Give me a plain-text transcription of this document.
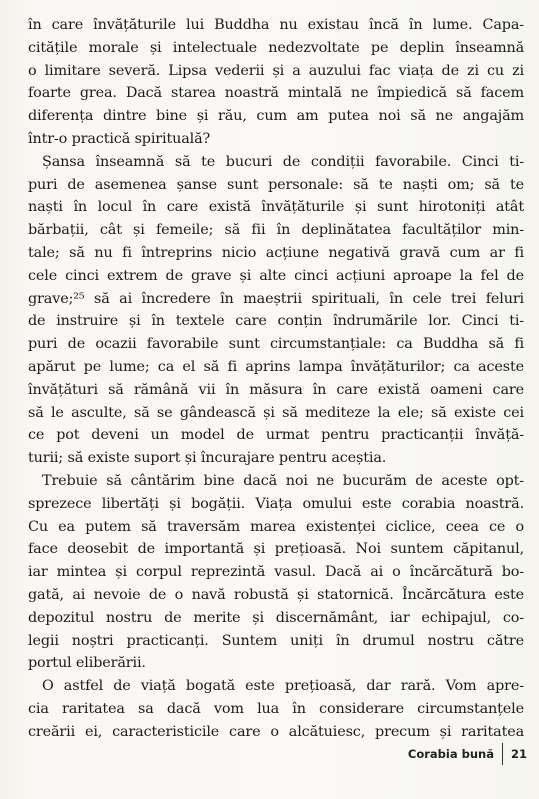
în care învățăturile lui Buddha nu existau încă în lume. Capa-
citățile morale și intelectuale nedezvoltate pe deplin înseamnă
o limitare severă. Lipsa vederii și a auzului fac viața de zi cu zi
foarte grea. Dacă starea noastră mintală ne împiedică să facem
diferența dintre bine și rău, cum am putea noi să ne angajăm
într-o practică spirituală?
Șansa înseamnă să te bucuri de condiții favorabile. Cinci ti-
puri de asemenea șanse sunt personale: să te naști om; să te
naști în locul în care există învățăturile și sunt hirotoniți atât
bărbații, cât și femeile; să fii în deplinătatea facultăților min-
tale; să nu fi întreprins nicio acțiune negativă gravă cum ar fi
cele cinci extrem de grave și alte cinci acțiuni aproape la fel de
grave;²⁵ să ai încredere în maeștrii spirituali, în cele trei feluri
de instruire și în textele care conțin îndrumările lor. Cinci ti-
puri de ocazii favorabile sunt circumstanțiale: ca Buddha să fi
apărut pe lume; ca el să fi aprins lampa învățăturilor; ca aceste
învățături să rămână vii în măsura în care există oameni care
să le asculte, să se gândească și să mediteze la ele; să existe cei
ce pot deveni un model de urmat pentru practicanții învăță-
turii; să existe suport și încurajare pentru aceștia.
Trebuie să cântărim bine dacă noi ne bucurăm de aceste opt-
sprezece libertăți și bogății. Viața omului este corabia noastră.
Cu ea putem să traversăm marea existenței ciclice, ceea ce o
face deosebit de importantă și prețioasă. Noi suntem căpitanul,
iar mintea și corpul reprezintă vasul. Dacă ai o încărcătură bo-
gată, ai nevoie de o navă robustă și statornică. Încărcătura este
depozitul nostru de merite și discernământ, iar echipajul, co-
legii noștri practicanți. Suntem uniți în drumul nostru către
portul eliberării.
O astfel de viață bogată este prețioasă, dar rară. Vom apre-
cia raritatea sa dacă vom lua în considerare circumstanțele
creării ei, caracteristicile care o alcătuiesc, precum și raritatea
Corabia bună 21
